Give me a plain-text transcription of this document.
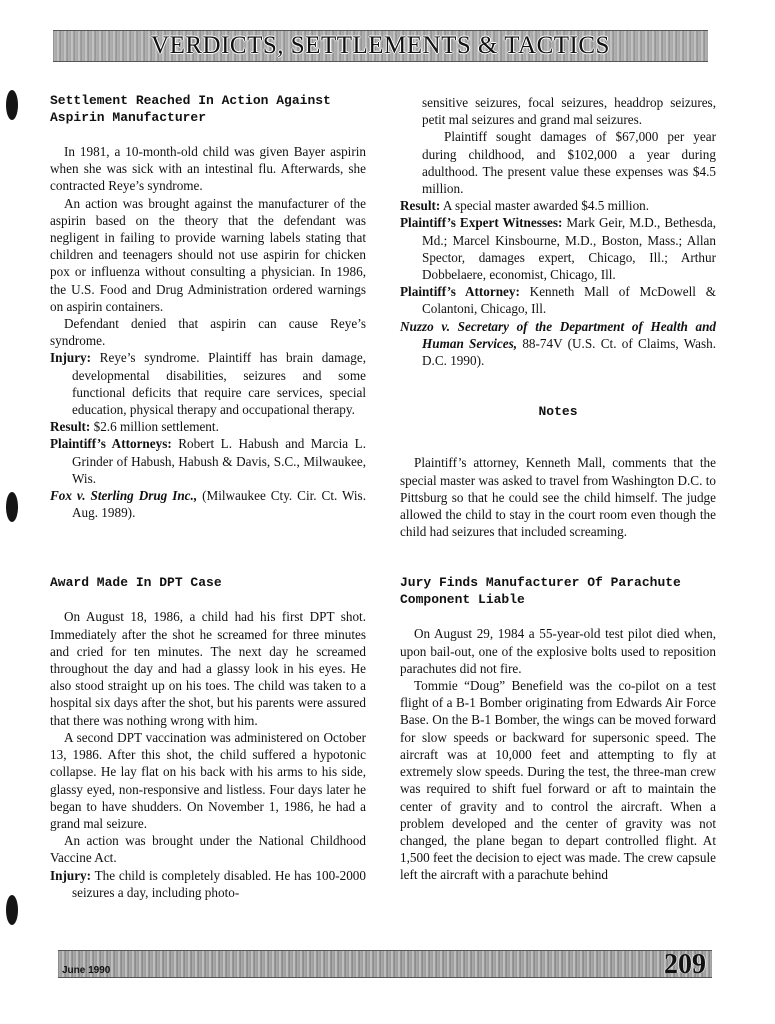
VERDICTS, SETTLEMENTS & TACTICS

Settlement Reached In Action Against Aspirin Manufacturer

In 1981, a 10-month-old child was given Bayer aspirin when she was sick with an intestinal flu. Afterwards, she contracted Reye’s syndrome.

An action was brought against the manufacturer of the aspirin based on the theory that the defendant was negligent in failing to provide warning labels stating that children and teenagers should not use aspirin for chicken pox or influenza without consulting a physician. In 1986, the U.S. Food and Drug Administration ordered warnings on aspirin containers.

Defendant denied that aspirin can cause Reye’s syndrome.

Injury: Reye’s syndrome. Plaintiff has brain damage, developmental disabilities, seizures and some functional deficits that require care services, special education, physical therapy and occupational therapy.

Result: $2.6 million settlement.

Plaintiff’s Attorneys: Robert L. Habush and Marcia L. Grinder of Habush, Habush & Davis, S.C., Milwaukee, Wis.

Fox v. Sterling Drug Inc., (Milwaukee Cty. Cir. Ct. Wis. Aug. 1989).

Award Made In DPT Case

On August 18, 1986, a child had his first DPT shot. Immediately after the shot he screamed for three minutes and cried for ten minutes. The next day he screamed throughout the day and had a glassy look in his eyes. He also stood straight up on his toes. The child was taken to a hospital six days after the shot, but his parents were assured that there was nothing wrong with him.

A second DPT vaccination was administered on October 13, 1986. After this shot, the child suffered a hypotonic collapse. He lay flat on his back with his arms to his side, glassy eyed, non-responsive and listless. Four days later he began to have shudders. On November 1, 1986, he had a grand mal seizure.

An action was brought under the National Childhood Vaccine Act.

Injury: The child is completely disabled. He has 100-2000 seizures a day, including photo-

sensitive seizures, focal seizures, headdrop seizures, petit mal seizures and grand mal seizures.

Plaintiff sought damages of $67,000 per year during childhood, and $102,000 a year during adulthood. The present value these expenses was $4.5 million.

Result: A special master awarded $4.5 million.

Plaintiff’s Expert Witnesses: Mark Geir, M.D., Bethesda, Md.; Marcel Kinsbourne, M.D., Boston, Mass.; Allan Spector, damages expert, Chicago, Ill.; Arthur Dobbelaere, economist, Chicago, Ill.

Plaintiff’s Attorney: Kenneth Mall of McDowell & Colantoni, Chicago, Ill.

Nuzzo v. Secretary of the Department of Health and Human Services, 88-74V (U.S. Ct. of Claims, Wash. D.C. 1990).

Notes

Plaintiff’s attorney, Kenneth Mall, comments that the special master was asked to travel from Washington D.C. to Pittsburg so that he could see the child himself. The judge allowed the child to stay in the court room even though the child had seizures that included screaming.

Jury Finds Manufacturer Of Parachute Component Liable

On August 29, 1984 a 55-year-old test pilot died when, upon bail-out, one of the explosive bolts used to reposition parachutes did not fire.

Tommie “Doug” Benefield was the co-pilot on a test flight of a B-1 Bomber originating from Edwards Air Force Base. On the B-1 Bomber, the wings can be moved forward for slow speeds or backward for supersonic speed. The aircraft was at 10,000 feet and attempting to fly at extremely slow speeds. During the test, the three-man crew was required to shift fuel forward or aft to maintain the center of gravity and to control the aircraft. When a problem developed and the center of gravity was not changed, the plane began to depart controlled flight. At 1,500 feet the decision to eject was made. The crew capsule left the aircraft with a parachute behind

June 1990	209
